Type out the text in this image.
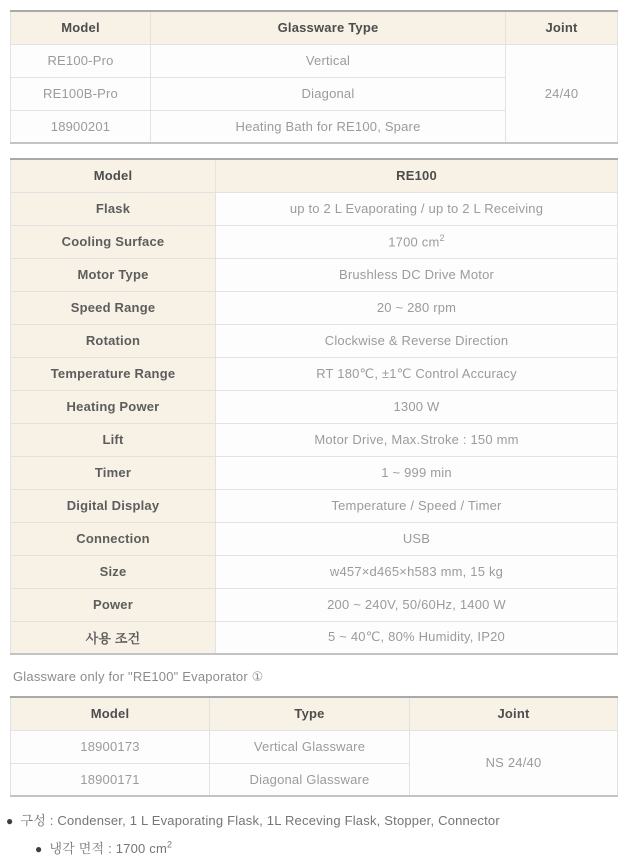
Model	Glassware Type	Joint
RE100-Pro	Vertical	24/40
RE100B-Pro	Diagonal	
18900201	Heating Bath for RE100, Spare	
Model	RE100
Flask	up to 2 L Evaporating / up to 2 L Receiving
Cooling Surface	1700 $cm^2$
Motor Type	Brushless DC Drive Motor
Speed Range	20 ~ 280 rpm
Rotation	Clockwise & Reverse Direction
Temperature Range	RT 180℃, ±1℃ Control Accuracy
Heating Power	1300 W
Lift	Motor Drive, Max.Stroke : 150 mm
Timer	1 ~ 999 min
Digital Display	Temperature / Speed / Timer
Connection	USB
Size	w457×d465×h583 mm, 15 kg
Power	200 ~ 240V, 50/60Hz, 1400 W
사용 조건	5 ~ 40℃, 80% Humidity, IP20
Glassware only for "RE100" Evaporator ①
Model	Type	Joint
18900173	Vertical Glassware	NS 24/40
18900171	Diagonal Glassware	
● 구성 : Condenser, 1 L Evaporating Flask, 1L Receving Flask, Stopper, Connector
● 냉각 면적 : 1700 $cm^2$
